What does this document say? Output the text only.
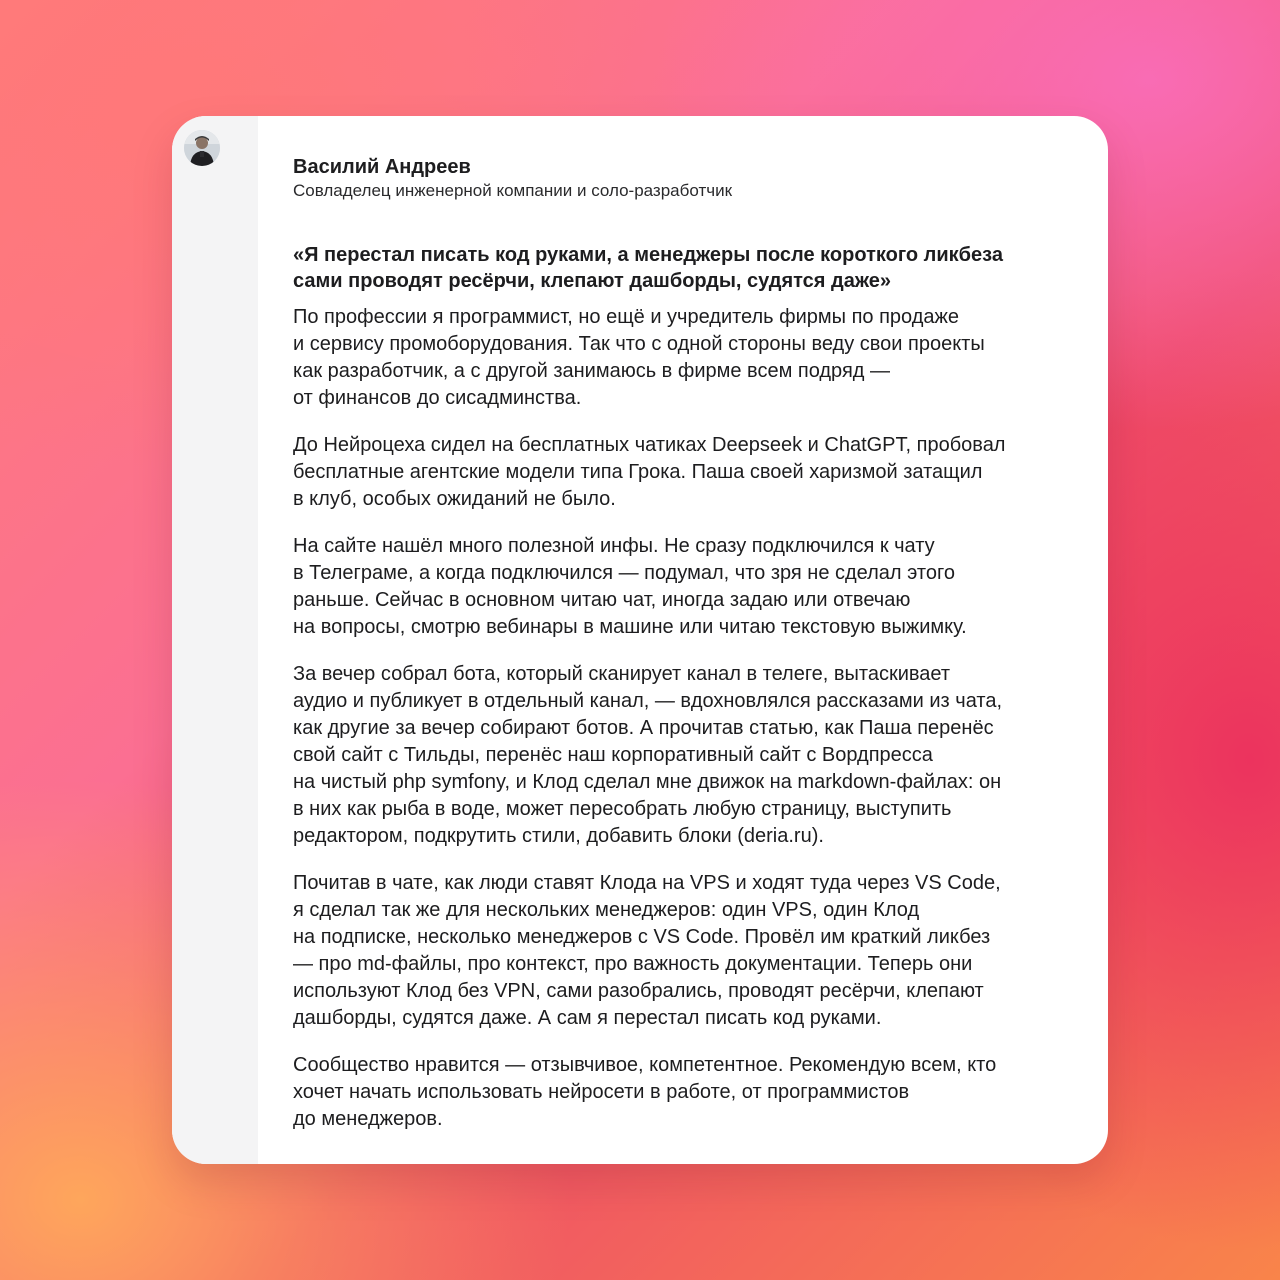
Василий Андреев

Совладелец инженерной компании и соло-разработчик

«Я перестал писать код руками, а менеджеры после короткого ликбеза
сами проводят ресёрчи, клепают дашборды, судятся даже»

По профессии я программист, но ещё и учредитель фирмы по продаже
и сервису промоборудования. Так что с одной стороны веду свои проекты
как разработчик, а с другой занимаюсь в фирме всем подряд —
от финансов до сисадминства.

До Нейроцеха сидел на бесплатных чатиках Deepseek и ChatGPT, пробовал
бесплатные агентские модели типа Грока. Паша своей харизмой затащил
в клуб, особых ожиданий не было.

На сайте нашёл много полезной инфы. Не сразу подключился к чату
в Телеграме, а когда подключился — подумал, что зря не сделал этого
раньше. Сейчас в основном читаю чат, иногда задаю или отвечаю
на вопросы, смотрю вебинары в машине или читаю текстовую выжимку.

За вечер собрал бота, который сканирует канал в телеге, вытаскивает
аудио и публикует в отдельный канал, — вдохновлялся рассказами из чата,
как другие за вечер собирают ботов. А прочитав статью, как Паша перенёс
свой сайт с Тильды, перенёс наш корпоративный сайт с Вордпресса
на чистый php symfony, и Клод сделал мне движок на markdown-файлах: он
в них как рыба в воде, может пересобрать любую страницу, выступить
редактором, подкрутить стили, добавить блоки (deria.ru).

Почитав в чате, как люди ставят Клода на VPS и ходят туда через VS Code,
я сделал так же для нескольких менеджеров: один VPS, один Клод
на подписке, несколько менеджеров с VS Code. Провёл им краткий ликбез
— про md-файлы, про контекст, про важность документации. Теперь они
используют Клод без VPN, сами разобрались, проводят ресёрчи, клепают
дашборды, судятся даже. А сам я перестал писать код руками.

Сообщество нравится — отзывчивое, компетентное. Рекомендую всем, кто
хочет начать использовать нейросети в работе, от программистов
до менеджеров.
